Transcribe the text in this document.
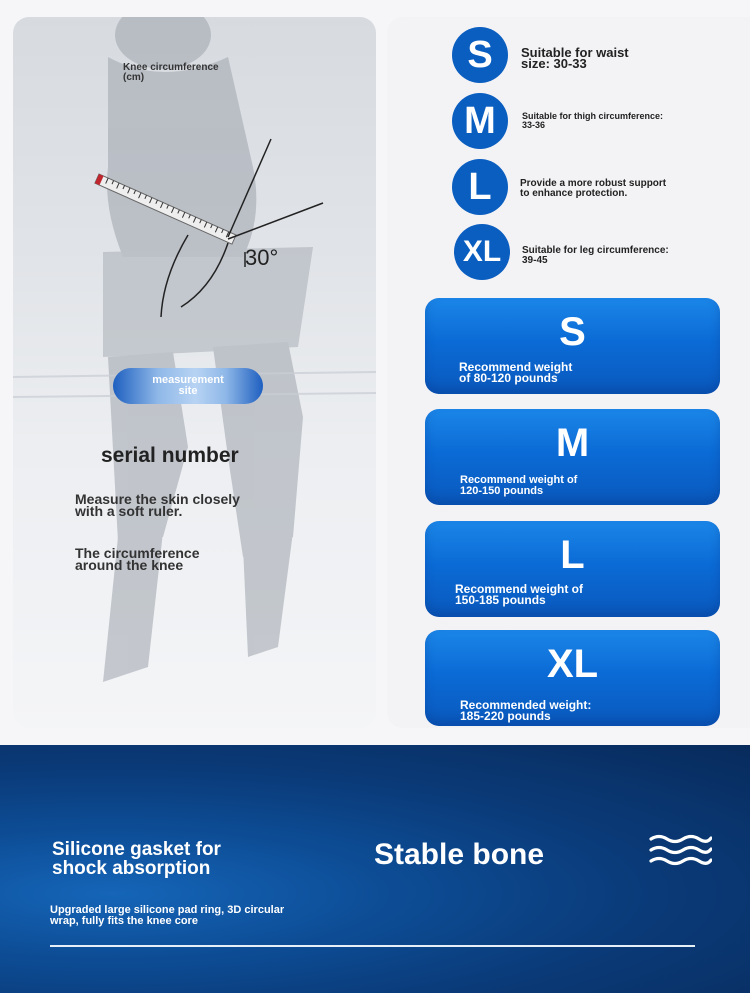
30°

Knee circumference
(cm)

measurement
site

serial number

Measure the skin closely
with a soft ruler.

The circumference
around the knee

S	Suitable for waist
size: 30-33

M	Suitable for thigh circumference:
33-36

L	Provide a more robust support
to enhance protection.

XL	Suitable for leg circumference:
39-45

S

Recommend weight
of 80-120 pounds

M

Recommend weight of
120-150 pounds

L

Recommend weight of
150-185 pounds

XL

Recommended weight:
185-220 pounds

Silicone gasket for
shock absorption

Upgraded large silicone pad ring, 3D circular
wrap, fully fits the knee core

Stable bone
